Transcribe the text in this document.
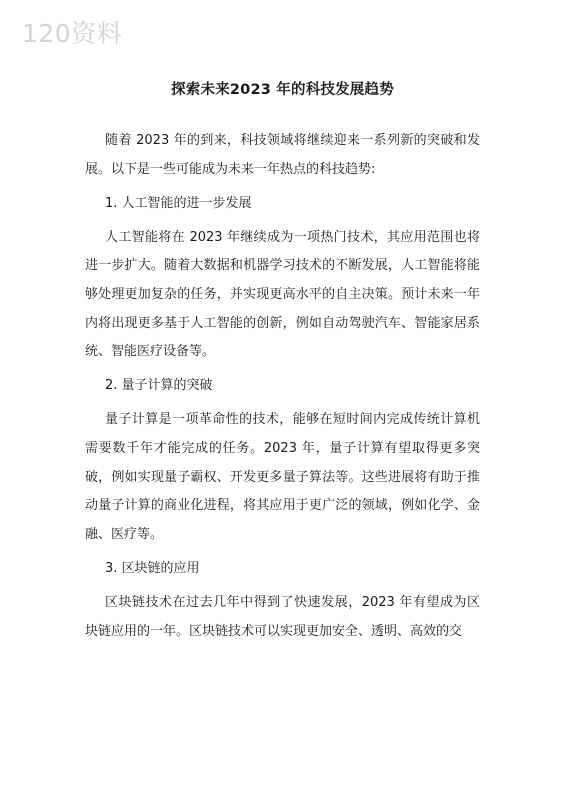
120资料
探索未来2023 年的科技发展趋势

随着 2023 年的到来，科技领域将继续迎来一系列新的突破和发展。以下是一些可能成为未来一年热点的科技趋势:

1. 人工智能的进一步发展

人工智能将在 2023 年继续成为一项热门技术，其应用范围也将进一步扩大。随着大数据和机器学习技术的不断发展，人工智能将能够处理更加复杂的任务，并实现更高水平的自主决策。预计未来一年内将出现更多基于人工智能的创新，例如自动驾驶汽车、智能家居系统、智能医疗设备等。

2. 量子计算的突破

量子计算是一项革命性的技术，能够在短时间内完成传统计算机需要数千年才能完成的任务。2023 年，量子计算有望取得更多突破，例如实现量子霸权、开发更多量子算法等。这些进展将有助于推动量子计算的商业化进程，将其应用于更广泛的领域，例如化学、金融、医疗等。

3. 区块链的应用

区块链技术在过去几年中得到了快速发展，2023 年有望成为区块链应用的一年。区块链技术可以实现更加安全、透明、高效的交
